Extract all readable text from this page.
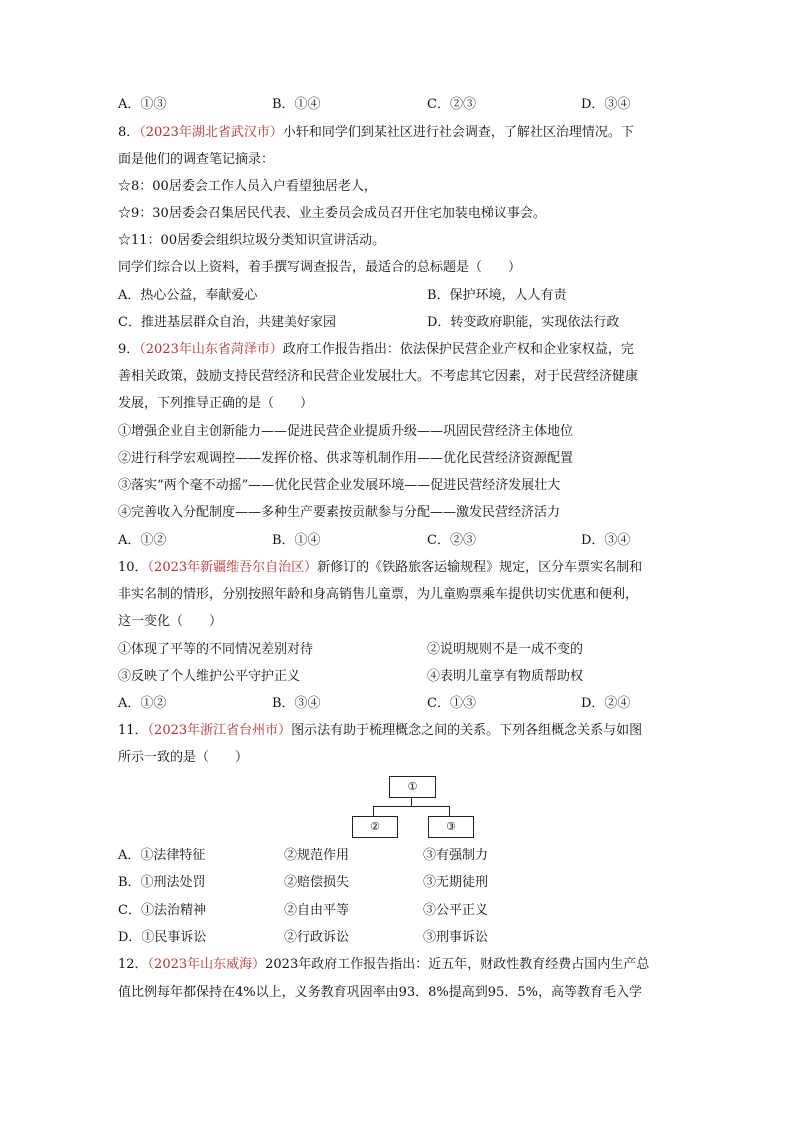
A．①③	B．①④	C．②③	D．③④
8．（2023年湖北省武汉市）小轩和同学们到某社区进行社会调查，了解社区治理情况。下
面是他们的调查笔记摘录：
☆8：00居委会工作人员入户看望独居老人，
☆9：30居委会召集居民代表、业主委员会成员召开住宅加装电梯议事会。
☆11：00居委会组织垃圾分类知识宣讲活动。
同学们综合以上资料，着手撰写调查报告，最适合的总标题是（　　）
A．热心公益，奉献爱心	B．保护环境，人人有责
C．推进基层群众自治，共建美好家园	D．转变政府职能，实现依法行政
9．（2023年山东省菏泽市）政府工作报告指出：依法保护民营企业产权和企业家权益，完
善相关政策，鼓励支持民营经济和民营企业发展壮大。不考虑其它因素，对于民营经济健康
发展，下列推导正确的是（　　）
①增强企业自主创新能力——促进民营企业提质升级——巩固民营经济主体地位
②进行科学宏观调控——发挥价格、供求等机制作用——优化民营经济资源配置
③落实“两个毫不动摇”——优化民营企业发展环境——促进民营经济发展壮大
④完善收入分配制度——多种生产要素按贡献参与分配——激发民营经济活力
A．①②	B．①④	C．②③	D．③④
10．（2023年新疆维吾尔自治区）新修订的《铁路旅客运输规程》规定，区分车票实名制和
非实名制的情形，分别按照年龄和身高销售儿童票，为儿童购票乘车提供切实优惠和便利，
这一变化（　　）
①体现了平等的不同情况差别对待	②说明规则不是一成不变的
③反映了个人维护公平守护正义	④表明儿童享有物质帮助权
A．①②	B．③④	C．①③	D．②④
11．（2023年浙江省台州市）图示法有助于梳理概念之间的关系。下列各组概念关系与如图
所示一致的是（　　）
①
②	③
A．①法律特征	②规范作用	③有强制力
B．①刑法处罚	②赔偿损失	③无期徒刑
C．①法治精神	②自由平等	③公平正义
D．①民事诉讼	②行政诉讼	③刑事诉讼
12．（2023年山东威海）2023年政府工作报告指出：近五年，财政性教育经费占国内生产总
值比例每年都保持在4%以上，义务教育巩固率由93．8%提高到95．5%，高等教育毛入学
